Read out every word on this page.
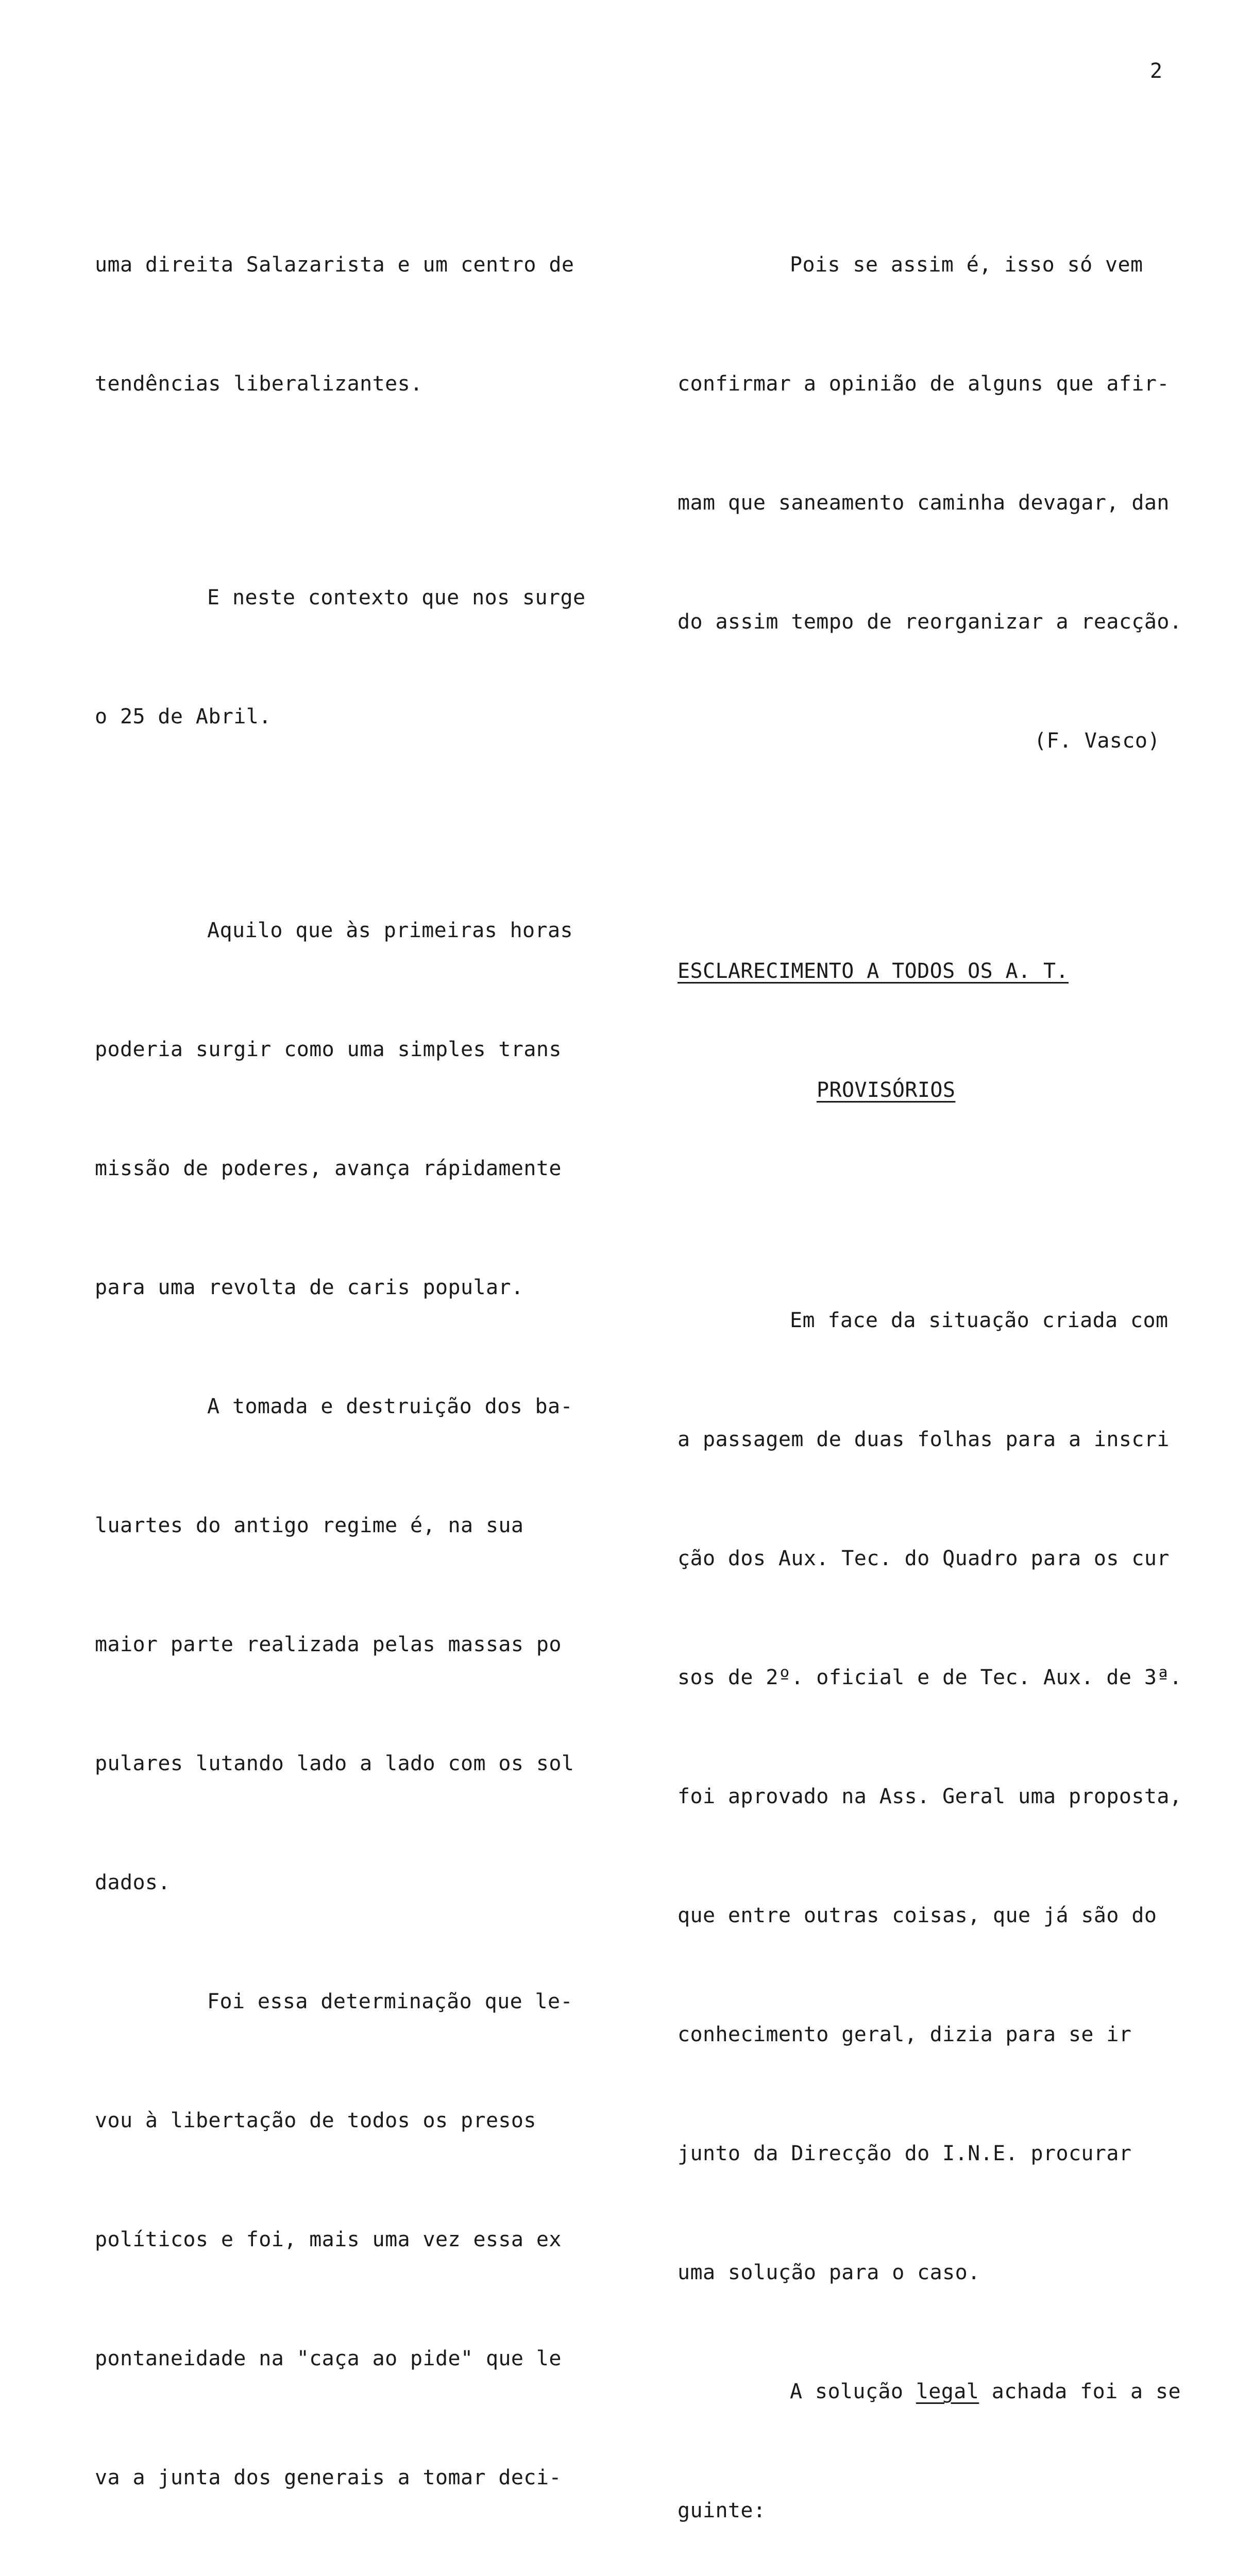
2

uma direita Salazarista e um centro de

tendências liberalizantes.

E neste contexto que nos surge

o 25 de Abril.

Aquilo que às primeiras horas

poderia surgir como uma simples trans

missão de poderes, avança rápidamente

para uma revolta de caris popular.

A tomada e destruição dos ba-

luartes do antigo regime é, na sua

maior parte realizada pelas massas po

pulares lutando lado a lado com os sol

dados.

Foi essa determinação que le-

vou à libertação de todos os presos

políticos e foi, mais uma vez essa ex

pontaneidade na "caça ao pide" que le

va a junta dos generais a tomar deci-

Pois se assim é, isso só vem

confirmar a opinião de alguns que afir-

mam que saneamento caminha devagar, dan

do assim tempo de reorganizar a reacção.

(F. Vasco)

ESCLARECIMENTO A TODOS OS A. T.

PROVISÓRIOS

Em face da situação criada com

a passagem de duas folhas para a inscri

ção dos Aux. Tec. do Quadro para os cur

sos de 2º. oficial e de Tec. Aux. de 3ª.

foi aprovado na Ass. Geral uma proposta,

que entre outras coisas, que já são do

conhecimento geral, dizia para se ir

junto da Direcção do I.N.E. procurar

uma solução para o caso.

A solução legal achada foi a se

guinte:
